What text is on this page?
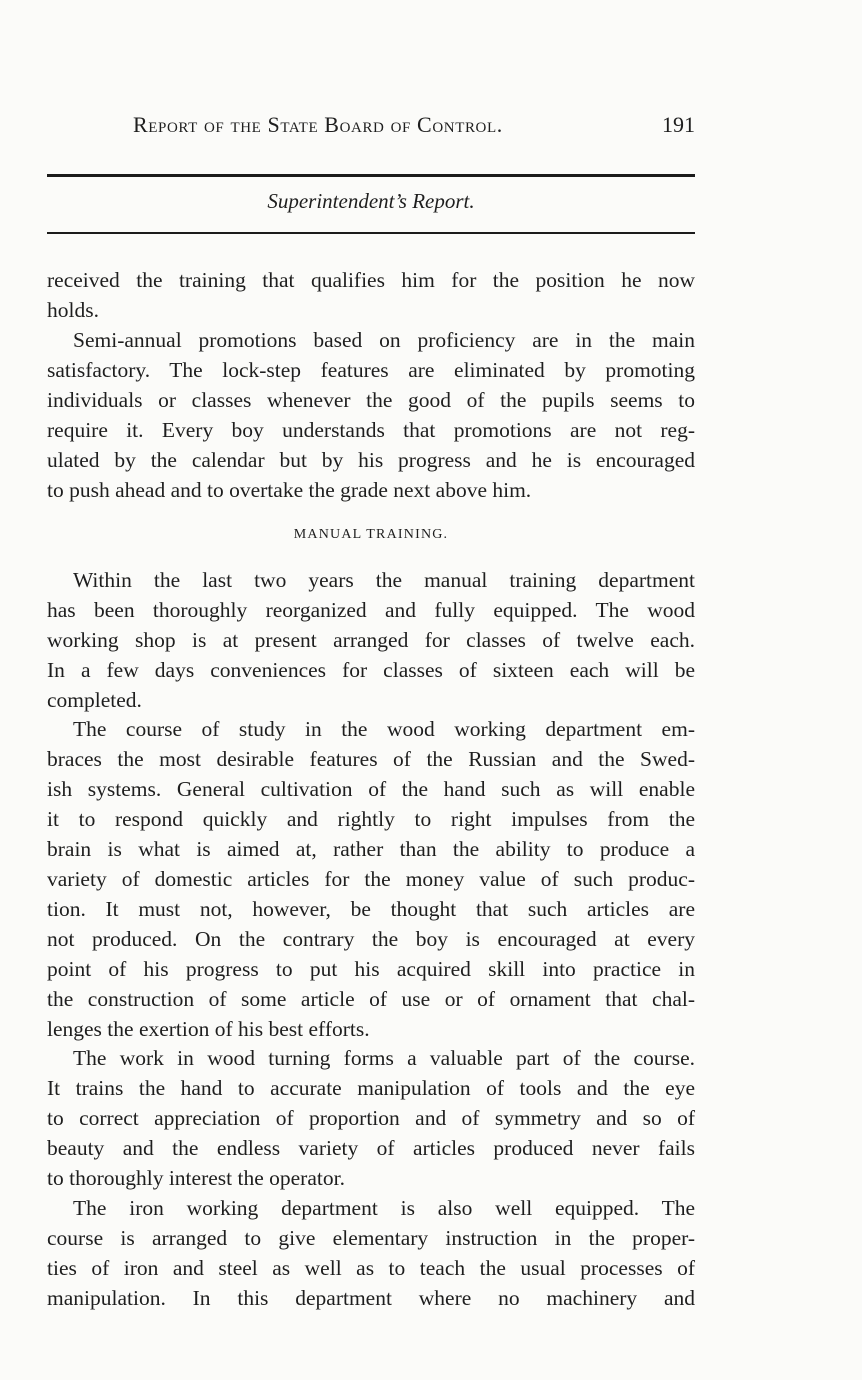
Report of the State Board of Control.	191
Superintendent’s Report.
received the training that qualifies him for the position he now
holds.
Semi-annual promotions based on proficiency are in the main
satisfactory. The lock-step features are eliminated by promoting
individuals or classes whenever the good of the pupils seems to
require it. Every boy understands that promotions are not reg-
ulated by the calendar but by his progress and he is encouraged
to push ahead and to overtake the grade next above him.
MANUAL TRAINING.
Within the last two years the manual training department
has been thoroughly reorganized and fully equipped. The wood
working shop is at present arranged for classes of twelve each.
In a few days conveniences for classes of sixteen each will be
completed.
The course of study in the wood working department em-
braces the most desirable features of the Russian and the Swed-
ish systems. General cultivation of the hand such as will enable
it to respond quickly and rightly to right impulses from the
brain is what is aimed at, rather than the ability to produce a
variety of domestic articles for the money value of such produc-
tion. It must not, however, be thought that such articles are
not produced. On the contrary the boy is encouraged at every
point of his progress to put his acquired skill into practice in
the construction of some article of use or of ornament that chal-
lenges the exertion of his best efforts.
The work in wood turning forms a valuable part of the course.
It trains the hand to accurate manipulation of tools and the eye
to correct appreciation of proportion and of symmetry and so of
beauty and the endless variety of articles produced never fails
to thoroughly interest the operator.
The iron working department is also well equipped. The
course is arranged to give elementary instruction in the proper-
ties of iron and steel as well as to teach the usual processes of
manipulation. In this department where no machinery and
